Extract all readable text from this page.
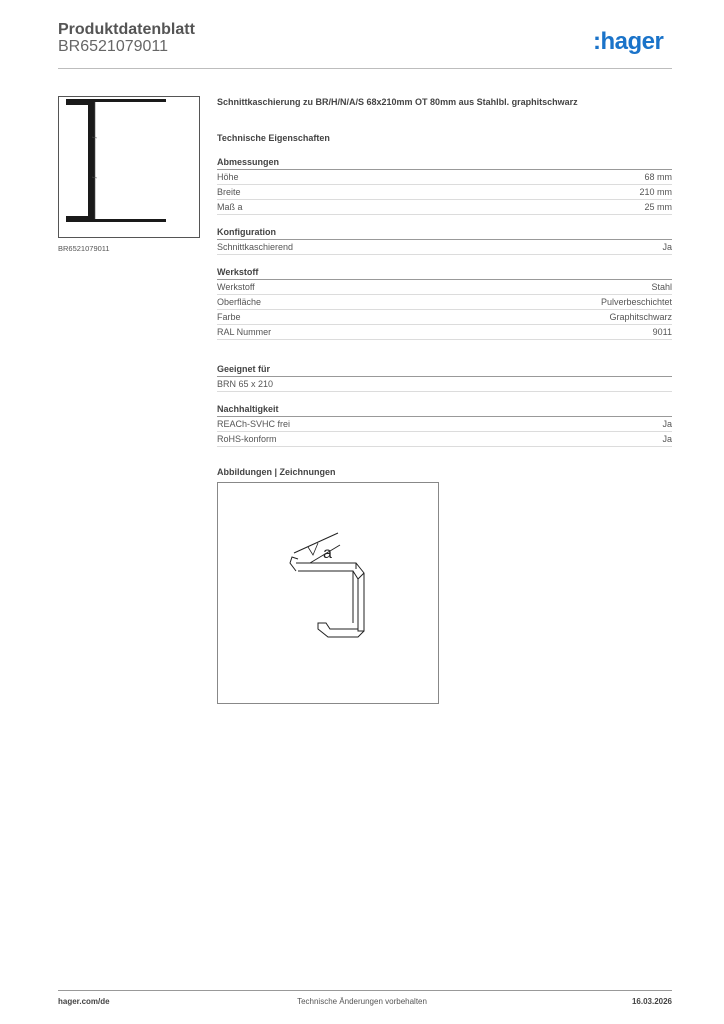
Produktdatenblatt
BR6521079011	:hager
BR6521079011
Schnittkaschierung zu BR/H/N/A/S 68x210mm OT 80mm aus Stahlbl. graphitschwarz
Technische Eigenschaften
Abmessungen
Höhe	68 mm
Breite	210 mm
Maß a	25 mm
Konfiguration
Schnittkaschierend	Ja
Werkstoff
Werkstoff	Stahl
Oberfläche	Pulverbeschichtet
Farbe	Graphitschwarz
RAL Nummer	9011
Geeignet für
BRN 65 x 210
Nachhaltigkeit
REACh-SVHC frei	Ja
RoHS-konform	Ja
Abbildungen | Zeichnungen
a
hager.com/de	Technische Änderungen vorbehalten	16.03.2026
